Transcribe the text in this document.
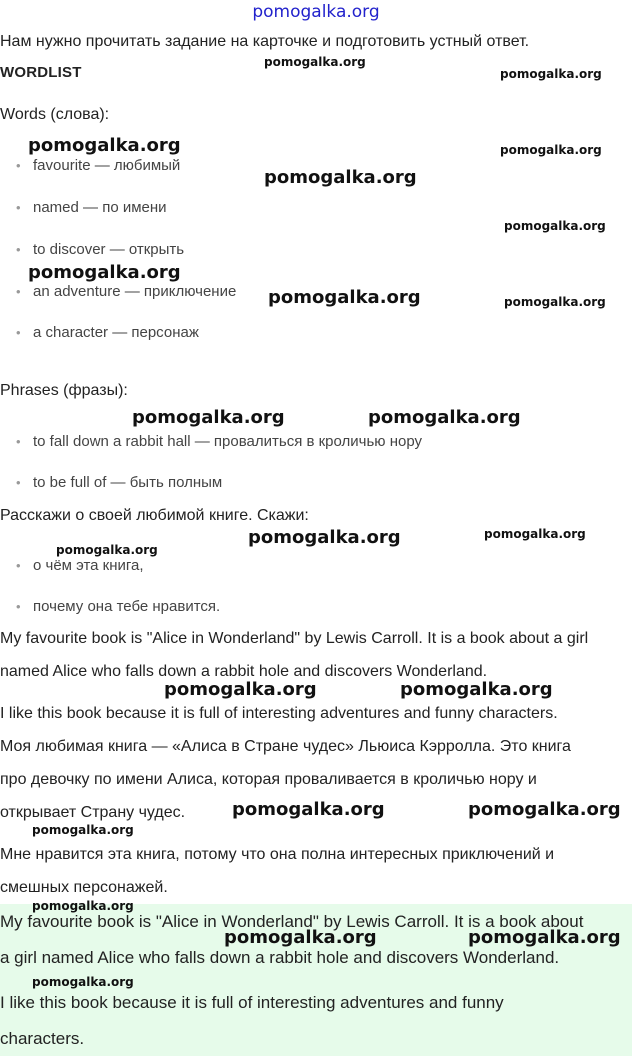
pomogalka.org
Нам нужно прочитать задание на карточке и подготовить устный ответ.
WORDLIST
Words (слова):
• favourite — любимый
• named — по имени
• to discover — открыть
• an adventure — приключение
• a character — персонаж
Phrases (фразы):
• to fall down a rabbit hall — провалиться в кроличью нору
• to be full of — быть полным
Расскажи о своей любимой книге. Скажи:
• о чём эта книга,
• почему она тебе нравится.
My favourite book is "Alice in Wonderland" by Lewis Carroll. It is a book about a girl
named Alice who falls down a rabbit hole and discovers Wonderland.
I like this book because it is full of interesting adventures and funny characters.
Моя любимая книга — «Алиса в Стране чудес» Льюиса Кэрролла. Это книга
про девочку по имени Алиса, которая проваливается в кроличью нору и
открывает Страну чудес.
Мне нравится эта книга, потому что она полна интересных приключений и
смешных персонажей.
My favourite book is "Alice in Wonderland" by Lewis Carroll. It is a book about
a girl named Alice who falls down a rabbit hole and discovers Wonderland.
I like this book because it is full of interesting adventures and funny
characters.
pomogalka.org
pomogalka.org
pomogalka.org	pomogalka.org
pomogalka.org
pomogalka.org
pomogalka.org
pomogalka.org	pomogalka.org
pomogalka.org	pomogalka.org
pomogalka.org
pomogalka.org
pomogalka.org
pomogalka.org	pomogalka.org
pomogalka.org	pomogalka.org
pomogalka.org
pomogalka.org
pomogalka.org	pomogalka.org
pomogalka.org
